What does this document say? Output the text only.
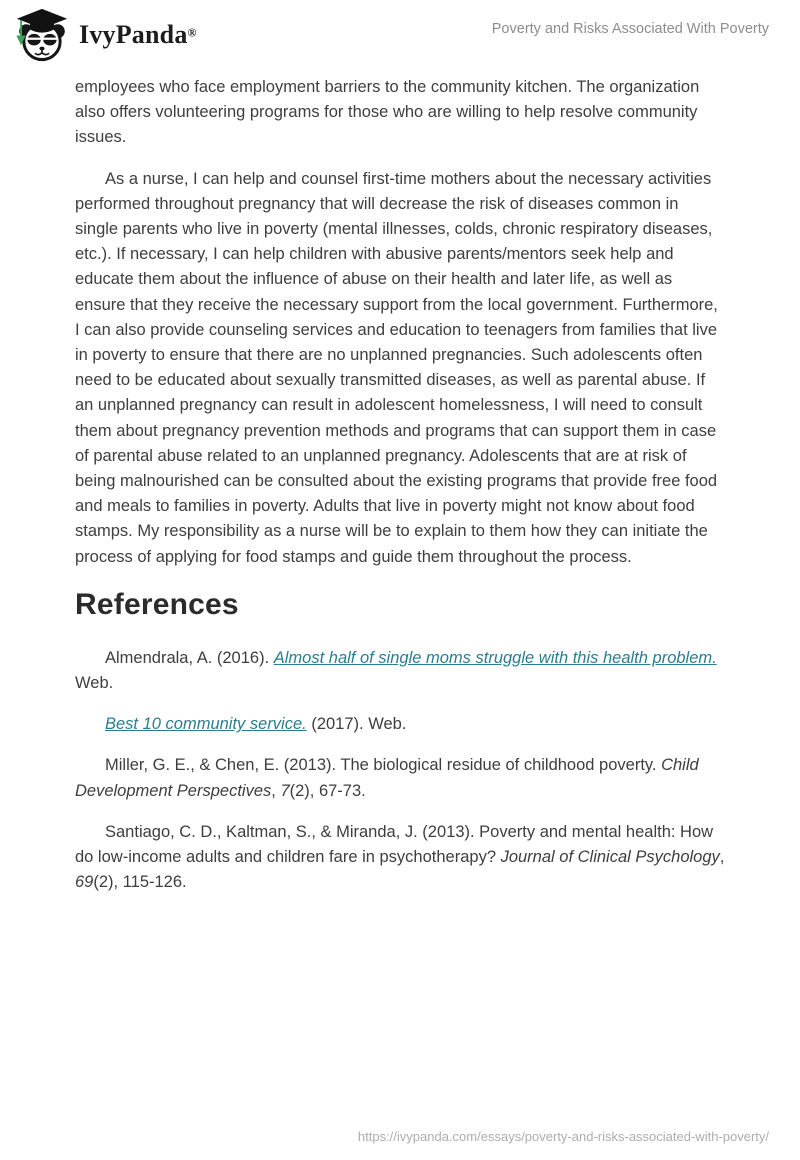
IvyPanda®	Poverty and Risks Associated With Poverty

employees who face employment barriers to the community kitchen. The organization also offers volunteering programs for those who are willing to help resolve community issues.

As a nurse, I can help and counsel first-time mothers about the necessary activities performed throughout pregnancy that will decrease the risk of diseases common in single parents who live in poverty (mental illnesses, colds, chronic respiratory diseases, etc.). If necessary, I can help children with abusive parents/mentors seek help and educate them about the influence of abuse on their health and later life, as well as ensure that they receive the necessary support from the local government. Furthermore, I can also provide counseling services and education to teenagers from families that live in poverty to ensure that there are no unplanned pregnancies. Such adolescents often need to be educated about sexually transmitted diseases, as well as parental abuse. If an unplanned pregnancy can result in adolescent homelessness, I will need to consult them about pregnancy prevention methods and programs that can support them in case of parental abuse related to an unplanned pregnancy. Adolescents that are at risk of being malnourished can be consulted about the existing programs that provide free food and meals to families in poverty. Adults that live in poverty might not know about food stamps. My responsibility as a nurse will be to explain to them how they can initiate the process of applying for food stamps and guide them throughout the process.

References

Almendrala, A. (2016). Almost half of single moms struggle with this health problem. Web.

Best 10 community service. (2017). Web.

Miller, G. E., & Chen, E. (2013). The biological residue of childhood poverty. Child Development Perspectives, 7(2), 67-73.

Santiago, C. D., Kaltman, S., & Miranda, J. (2013). Poverty and mental health: How do low-income adults and children fare in psychotherapy? Journal of Clinical Psychology, 69(2), 115-126.

https://ivypanda.com/essays/poverty-and-risks-associated-with-poverty/
